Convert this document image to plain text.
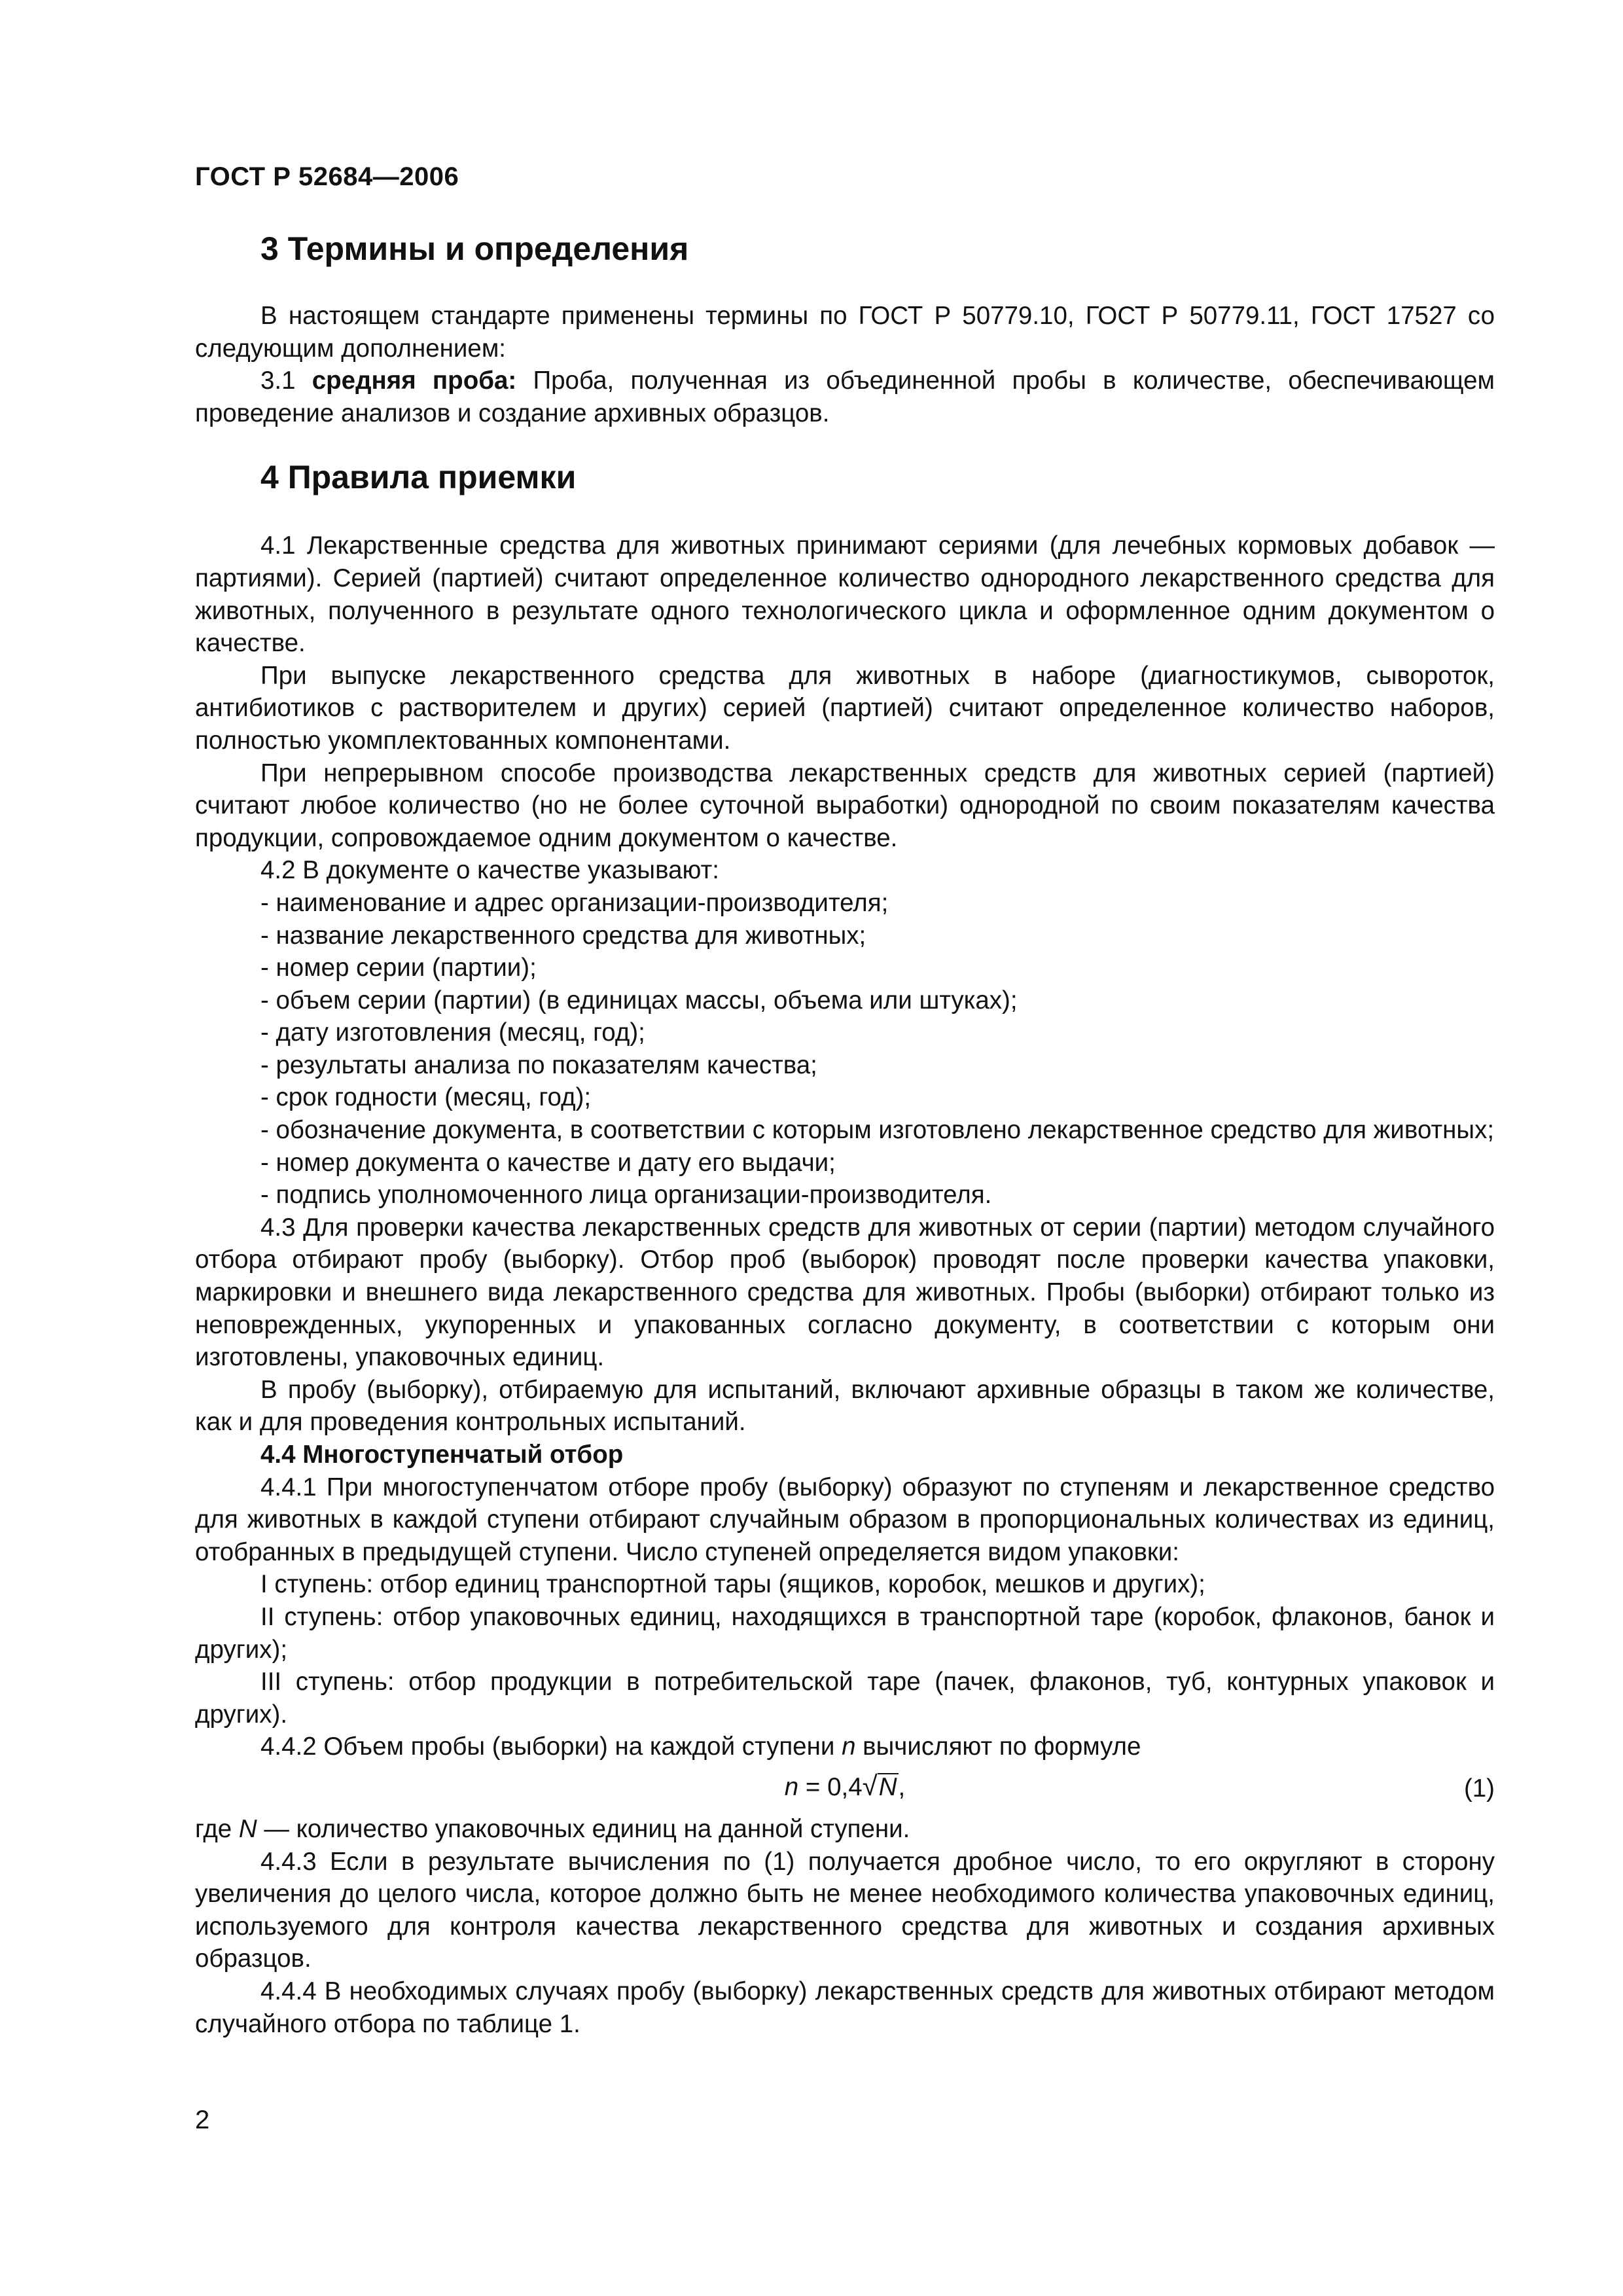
ГОСТ Р 52684—2006
3 Термины и определения

В настоящем стандарте применены термины по ГОСТ Р 50779.10, ГОСТ Р 50779.11, ГОСТ 17527 со следующим дополнением:

3.1 средняя проба: Проба, полученная из объединенной пробы в количестве, обеспечивающем проведение анализов и создание архивных образцов.

4 Правила приемки

4.1 Лекарственные средства для животных принимают сериями (для лечебных кормовых добавок — партиями). Серией (партией) считают определенное количество однородного лекарственного средства для животных, полученного в результате одного технологического цикла и оформленное одним документом о качестве.

При выпуске лекарственного средства для животных в наборе (диагностикумов, сывороток, антибиотиков с растворителем и других) серией (партией) считают определенное количество наборов, полностью укомплектованных компонентами.

При непрерывном способе производства лекарственных средств для животных серией (партией) считают любое количество (но не более суточной выработки) однородной по своим показателям качества продукции, сопровождаемое одним документом о качестве.

4.2 В документе о качестве указывают:

- наименование и адрес организации-производителя;

- название лекарственного средства для животных;

- номер серии (партии);

- объем серии (партии) (в единицах массы, объема или штуках);

- дату изготовления (месяц, год);

- результаты анализа по показателям качества;

- срок годности (месяц, год);

- обозначение документа, в соответствии с которым изготовлено лекарственное средство для животных;

- номер документа о качестве и дату его выдачи;

- подпись уполномоченного лица организации-производителя.

4.3 Для проверки качества лекарственных средств для животных от серии (партии) методом случайного отбора отбирают пробу (выборку). Отбор проб (выборок) проводят после проверки качества упаковки, маркировки и внешнего вида лекарственного средства для животных. Пробы (выборки) отбирают только из неповрежденных, укупоренных и упакованных согласно документу, в соответствии с которым они изготовлены, упаковочных единиц.

В пробу (выборку), отбираемую для испытаний, включают архивные образцы в таком же количестве, как и для проведения контрольных испытаний.

4.4 Многоступенчатый отбор

4.4.1 При многоступенчатом отборе пробу (выборку) образуют по ступеням и лекарственное средство для животных в каждой ступени отбирают случайным образом в пропорциональных количествах из единиц, отобранных в предыдущей ступени. Число ступеней определяется видом упаковки:

I ступень: отбор единиц транспортной тары (ящиков, коробок, мешков и других);

II ступень: отбор упаковочных единиц, находящихся в транспортной таре (коробок, флаконов, банок и других);

III ступень: отбор продукции в потребительской таре (пачек, флаконов, туб, контурных упаковок и других).

4.4.2 Объем пробы (выборки) на каждой ступени n вычисляют по формуле

n = 0,4√N,	(1)

где N — количество упаковочных единиц на данной ступени.

4.4.3 Если в результате вычисления по (1) получается дробное число, то его округляют в сторону увеличения до целого числа, которое должно быть не менее необходимого количества упаковочных единиц, используемого для контроля качества лекарственного средства для животных и создания архивных образцов.

4.4.4 В необходимых случаях пробу (выборку) лекарственных средств для животных отбирают методом случайного отбора по таблице 1.

2
